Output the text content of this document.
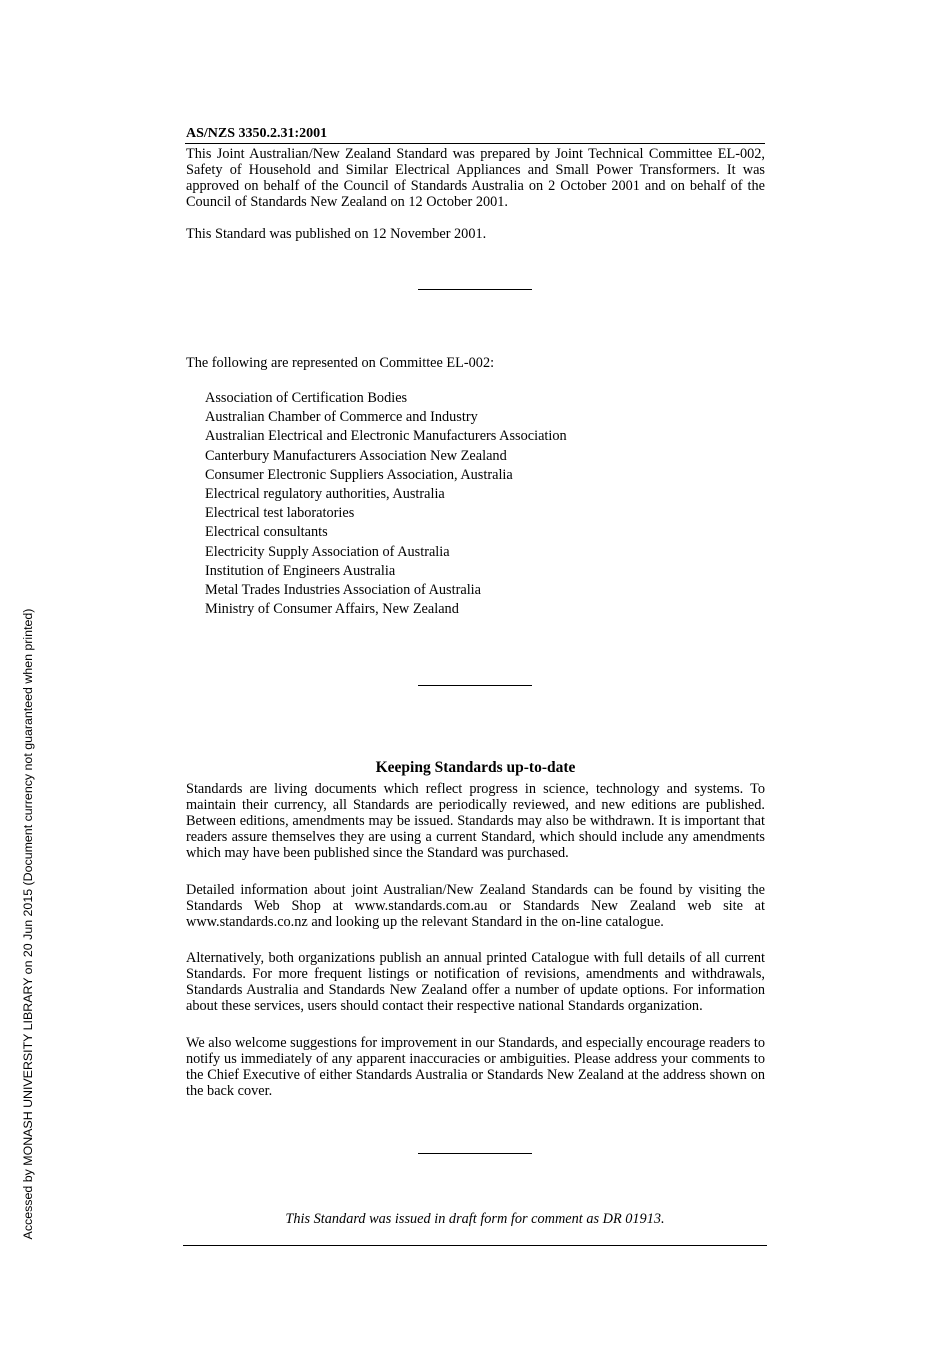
AS/NZS 3350.2.31:2001

This Joint Australian/New Zealand Standard was prepared by Joint Technical Committee EL-002, Safety of Household and Similar Electrical Appliances and Small Power Transformers. It was approved on behalf of the Council of Standards Australia on 2 October 2001 and on behalf of the Council of Standards New Zealand on 12 October 2001.

This Standard was published on 12 November 2001.
The following are represented on Committee EL-002:
Association of Certification Bodies
Australian Chamber of Commerce and Industry
Australian Electrical and Electronic Manufacturers Association
Canterbury Manufacturers Association New Zealand
Consumer Electronic Suppliers Association, Australia
Electrical regulatory authorities, Australia
Electrical test laboratories
Electrical consultants
Electricity Supply Association of Australia
Institution of Engineers Australia
Metal Trades Industries Association of Australia
Ministry of Consumer Affairs, New Zealand
Keeping Standards up-to-date

Standards are living documents which reflect progress in science, technology and systems. To maintain their currency, all Standards are periodically reviewed, and new editions are published. Between editions, amendments may be issued. Standards may also be withdrawn. It is important that readers assure themselves they are using a current Standard, which should include any amendments which may have been published since the Standard was purchased.

Detailed information about joint Australian/New Zealand Standards can be found by visiting the Standards Web Shop at www.standards.com.au or Standards New Zealand web site at www.standards.co.nz and looking up the relevant Standard in the on-line catalogue.

Alternatively, both organizations publish an annual printed Catalogue with full details of all current Standards. For more frequent listings or notification of revisions, amendments and withdrawals, Standards Australia and Standards New Zealand offer a number of update options. For information about these services, users should contact their respective national Standards organization.

We also welcome suggestions for improvement in our Standards, and especially encourage readers to notify us immediately of any apparent inaccuracies or ambiguities. Please address your comments to the Chief Executive of either Standards Australia or Standards New Zealand at the address shown on the back cover.

This Standard was issued in draft form for comment as DR 01913.
Accessed by MONASH UNIVERSITY LIBRARY on 20 Jun 2015 (Document currency not guaranteed when printed)
